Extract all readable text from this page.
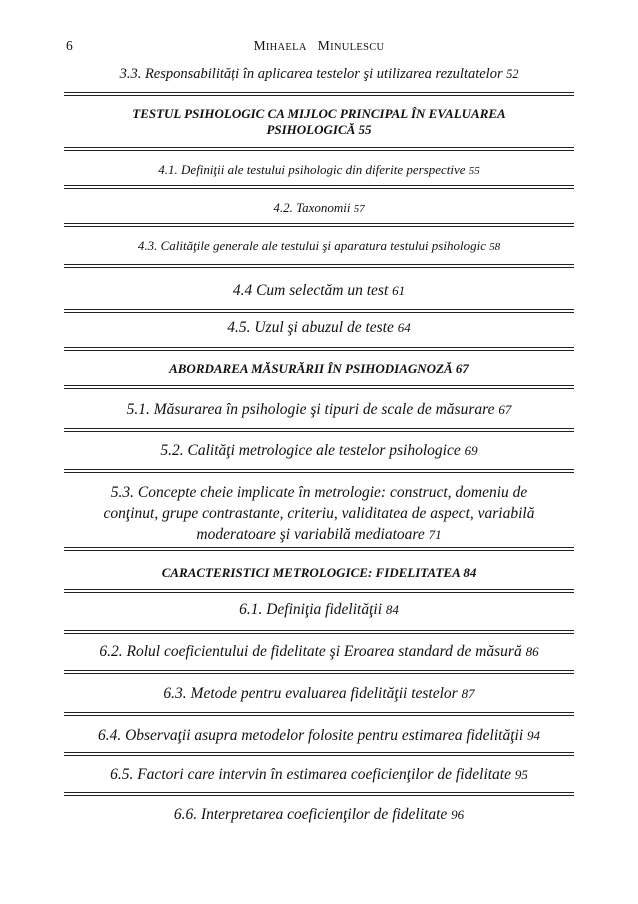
6	MIHAELA MINULESCU
3.3. Responsabilități în aplicarea testelor şi utilizarea rezultatelor 52
TESTUL PSIHOLOGIC CA MIJLOC PRINCIPAL ÎN EVALUAREA
PSIHOLOGICĂ 55
4.1. Definiţii ale testului psihologic din diferite perspective 55
4.2. Taxonomii 57
4.3. Calităţile generale ale testului şi aparatura testului psihologic 58
4.4 Cum selectăm un test 61
4.5. Uzul şi abuzul de teste 64
ABORDAREA MĂSURĂRII ÎN PSIHODIAGNOZĂ 67
5.1. Măsurarea în psihologie şi tipuri de scale de măsurare 67
5.2. Calităţi metrologice ale testelor psihologice 69
5.3. Concepte cheie implicate în metrologie: construct, domeniu de
conţinut, grupe contrastante, criteriu, validitatea de aspect, variabilă
moderatoare şi variabilă mediatoare 71
CARACTERISTICI METROLOGICE: FIDELITATEA 84
6.1. Definiţia fidelităţii 84
6.2. Rolul coeficientului de fidelitate şi Eroarea standard de măsură 86
6.3. Metode pentru evaluarea fidelităţii testelor 87
6.4. Observaţii asupra metodelor folosite pentru estimarea fidelităţii 94
6.5. Factori care intervin în estimarea coeficienţilor de fidelitate 95
6.6. Interpretarea coeficienţilor de fidelitate 96
